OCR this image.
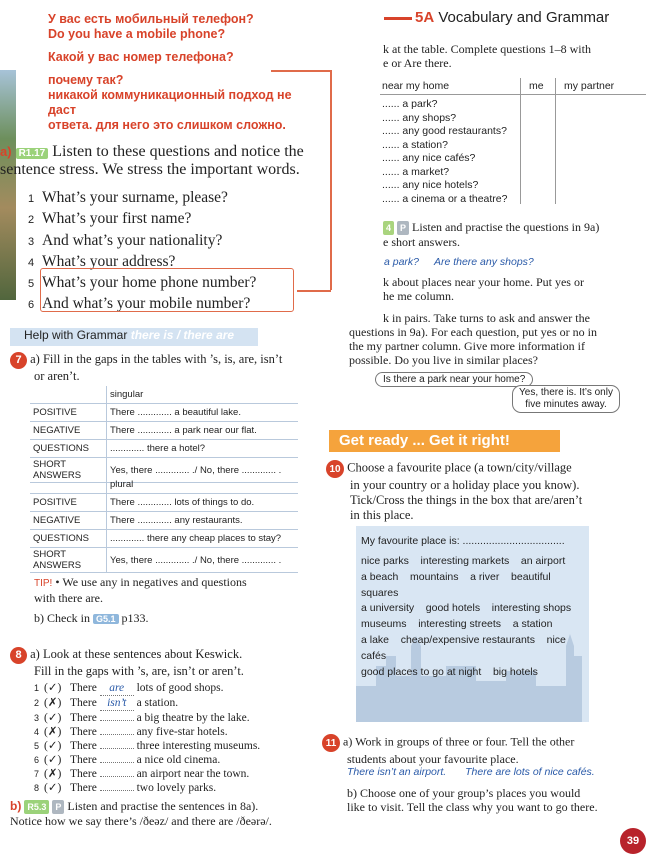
5A Vocabulary and Grammar

У вас есть мобильный телефон?

Do you have a mobile phone?

Какой у вас номер телефона?

почему так?

никакой коммуникационный подход не даст

ответа. для него это слишком сложно.

a) R1.17 Listen to these questions and notice the
sentence stress. We stress the important words.
1 What’s your surname, please?
2 What’s your first name?
3 And what’s your nationality?
4 What’s your address?
5 What’s your home phone number?
6 And what’s your mobile number?
Help with Grammar there is / there are
7 a) Fill in the gaps in the tables with ’s, is, are, isn’t
or aren’t.
	singular
POSITIVE	There ............. a beautiful lake.
NEGATIVE	There ............. a park near our flat.
QUESTIONS	............. there a hotel?
SHORT ANSWERS	Yes, there ............. ./ No, there ............. .
	plural
POSITIVE	There ............. lots of things to do.
NEGATIVE	There ............. any restaurants.
QUESTIONS	............. there any cheap places to stay?
SHORT ANSWERS	Yes, there ............. ./ No, there ............. .
TIP! • We use any in negatives and questions
with there are.
b) Check in G5.1 p133.
8 a) Look at these sentences about Keswick.
Fill in the gaps with ’s, are, isn’t or aren’t.
1 (✓) There are lots of good shops.
2 (✗) There isn’t a station.
3 (✓) There	a big theatre by the lake.
4 (✗) There	any five-star hotels.
5 (✓) There	three interesting museums.
6 (✓) There	a nice old cinema.
7 (✗) There	an airport near the town.
8 (✓) There	two lovely parks.
b) R5.3 P Listen and practise the sentences in 8a).
Notice how we say there’s /ðeəz/ and there are /ðeərə/.
k at the table. Complete questions 1–8 with
e or Are there.
near my home	me my partner
...... a park?
...... any shops?
...... any good restaurants?
...... a station?
...... any nice cafés?
...... a market?
...... any nice hotels?
...... a cinema or a theatre?
4 P Listen and practise the questions in 9a)
e short answers.
a park? Are there any shops?
k about places near your home. Put yes or
he me column.
k in pairs. Take turns to ask and answer the
questions in 9a). For each question, put yes or no in
the my partner column. Give more information if
possible. Do you live in similar places?
Is there a park near your home?
Yes, there is. It’s only
five minutes away.
Get ready ... Get it right!
10 Choose a favourite place (a town/city/village
in your country or a holiday place you know).
Tick/Cross the things in the box that are/aren’t
in this place.
My favourite place is: ...................................
nice parks interesting markets an airport
a beach mountains a river beautiful squares
a university good hotels interesting shops
museums interesting streets a station
a lake cheap/expensive restaurants nice cafés
good places to go at night big hotels
11 a) Work in groups of three or four. Tell the other
students about your favourite place.
There isn’t an airport. There are lots of nice cafés.
b) Choose one of your group’s places you would
like to visit. Tell the class why you want to go there.
39
